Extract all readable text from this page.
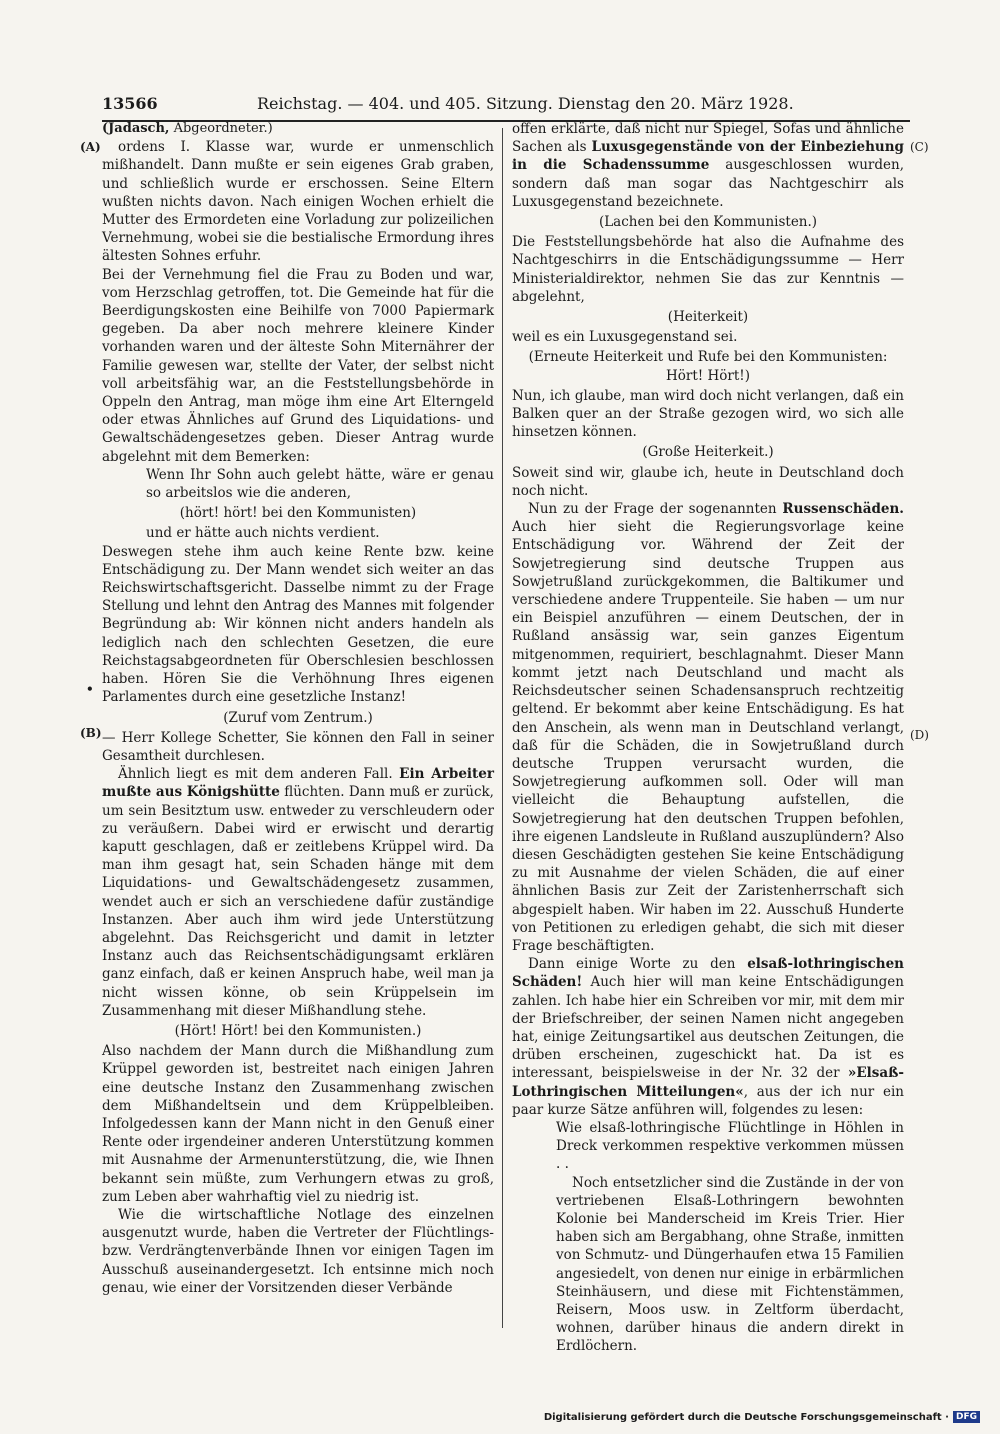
13566	Reichstag. — 404. und 405. Sitzung. Dienstag den 20. März 1928.
(A)
(B)
•
(C)
(D)
(Jadasch, Abgeordneter.)

ordens I. Klasse war, wurde er unmenschlich mißhandelt. Dann mußte er sein eigenes Grab graben, und schließlich wurde er erschossen. Seine Eltern wußten nichts davon. Nach einigen Wochen erhielt die Mutter des Ermordeten eine Vorladung zur polizeilichen Vernehmung, wobei sie die bestialische Ermordung ihres ältesten Sohnes erfuhr.

Bei der Vernehmung fiel die Frau zu Boden und war, vom Herzschlag getroffen, tot. Die Gemeinde hat für die Beerdigungskosten eine Beihilfe von 7000 Papiermark gegeben. Da aber noch mehrere kleinere Kinder vorhanden waren und der älteste Sohn Miternährer der Familie gewesen war, stellte der Vater, der selbst nicht voll arbeitsfähig war, an die Feststellungsbehörde in Oppeln den Antrag, man möge ihm eine Art Elterngeld oder etwas Ähnliches auf Grund des Liquidations- und Gewaltschädengesetzes geben. Dieser Antrag wurde abgelehnt mit dem Bemerken:

Wenn Ihr Sohn auch gelebt hätte, wäre er genau so arbeitslos wie die anderen,

(hört! hört! bei den Kommunisten)

und er hätte auch nichts verdient.

Deswegen stehe ihm auch keine Rente bzw. keine Entschädigung zu. Der Mann wendet sich weiter an das Reichswirtschaftsgericht. Dasselbe nimmt zu der Frage Stellung und lehnt den Antrag des Mannes mit folgender Begründung ab: Wir können nicht anders handeln als lediglich nach den schlechten Gesetzen, die eure Reichstagsabgeordneten für Oberschlesien beschlossen haben. Hören Sie die Verhöhnung Ihres eigenen Parlamentes durch eine gesetzliche Instanz!

(Zuruf vom Zentrum.)

— Herr Kollege Schetter, Sie können den Fall in seiner Gesamtheit durchlesen.

Ähnlich liegt es mit dem anderen Fall. Ein Arbeiter mußte aus Königshütte flüchten. Dann muß er zurück, um sein Besitztum usw. entweder zu verschleudern oder zu veräußern. Dabei wird er erwischt und derartig kaputt geschlagen, daß er zeitlebens Krüppel wird. Da man ihm gesagt hat, sein Schaden hänge mit dem Liquidations- und Gewaltschädengesetz zusammen, wendet auch er sich an verschiedene dafür zuständige Instanzen. Aber auch ihm wird jede Unterstützung abgelehnt. Das Reichsgericht und damit in letzter Instanz auch das Reichsentschädigungsamt erklären ganz einfach, daß er keinen Anspruch habe, weil man ja nicht wissen könne, ob sein Krüppelsein im Zusammenhang mit dieser Mißhandlung stehe.

(Hört! Hört! bei den Kommunisten.)

Also nachdem der Mann durch die Mißhandlung zum Krüppel geworden ist, bestreitet nach einigen Jahren eine deutsche Instanz den Zusammenhang zwischen dem Mißhandeltsein und dem Krüppelbleiben. Infolgedessen kann der Mann nicht in den Genuß einer Rente oder irgendeiner anderen Unterstützung kommen mit Ausnahme der Armenunterstützung, die, wie Ihnen bekannt sein müßte, zum Verhungern etwas zu groß, zum Leben aber wahrhaftig viel zu niedrig ist.

Wie die wirtschaftliche Notlage des einzelnen ausgenutzt wurde, haben die Vertreter der Flüchtlings- bzw. Verdrängtenverbände Ihnen vor einigen Tagen im Ausschuß auseinandergesetzt. Ich entsinne mich noch genau, wie einer der Vorsitzenden dieser Verbände

offen erklärte, daß nicht nur Spiegel, Sofas und ähnliche Sachen als Luxusgegenstände von der Einbeziehung in die Schadenssumme ausgeschlossen wurden, sondern daß man sogar das Nachtgeschirr als Luxusgegenstand bezeichnete.

(Lachen bei den Kommunisten.)

Die Feststellungsbehörde hat also die Aufnahme des Nachtgeschirrs in die Entschädigungssumme — Herr Ministerialdirektor, nehmen Sie das zur Kenntnis — abgelehnt,

(Heiterkeit)

weil es ein Luxusgegenstand sei.

(Erneute Heiterkeit und Rufe bei den Kommunisten: Hört! Hört!)

Nun, ich glaube, man wird doch nicht verlangen, daß ein Balken quer an der Straße gezogen wird, wo sich alle hinsetzen können.

(Große Heiterkeit.)

Soweit sind wir, glaube ich, heute in Deutschland doch noch nicht.

Nun zu der Frage der sogenannten Russenschäden. Auch hier sieht die Regierungsvorlage keine Entschädigung vor. Während der Zeit der Sowjetregierung sind deutsche Truppen aus Sowjetrußland zurückgekommen, die Baltikumer und verschiedene andere Truppenteile. Sie haben — um nur ein Beispiel anzuführen — einem Deutschen, der in Rußland ansässig war, sein ganzes Eigentum mitgenommen, requiriert, beschlagnahmt. Dieser Mann kommt jetzt nach Deutschland und macht als Reichsdeutscher seinen Schadensanspruch rechtzeitig geltend. Er bekommt aber keine Entschädigung. Es hat den Anschein, als wenn man in Deutschland verlangt, daß für die Schäden, die in Sowjetrußland durch deutsche Truppen verursacht wurden, die Sowjetregierung aufkommen soll. Oder will man vielleicht die Behauptung aufstellen, die Sowjetregierung hat den deutschen Truppen befohlen, ihre eigenen Landsleute in Rußland auszuplündern? Also diesen Geschädigten gestehen Sie keine Entschädigung zu mit Ausnahme der vielen Schäden, die auf einer ähnlichen Basis zur Zeit der Zaristenherrschaft sich abgespielt haben. Wir haben im 22. Ausschuß Hunderte von Petitionen zu erledigen gehabt, die sich mit dieser Frage beschäftigten.

Dann einige Worte zu den elsaß-lothringischen Schäden! Auch hier will man keine Entschädigungen zahlen. Ich habe hier ein Schreiben vor mir, mit dem mir der Briefschreiber, der seinen Namen nicht angegeben hat, einige Zeitungsartikel aus deutschen Zeitungen, die drüben erscheinen, zugeschickt hat. Da ist es interessant, beispielsweise in der Nr. 32 der »Elsaß-Lothringischen Mitteilungen«, aus der ich nur ein paar kurze Sätze anführen will, folgendes zu lesen:

Wie elsaß-lothringische Flüchtlinge in Höhlen in Dreck verkommen respektive verkommen müssen . .

Noch entsetzlicher sind die Zustände in der von vertriebenen Elsaß-Lothringern bewohnten Kolonie bei Manderscheid im Kreis Trier. Hier haben sich am Bergabhang, ohne Straße, inmitten von Schmutz- und Düngerhaufen etwa 15 Familien angesiedelt, von denen nur einige in erbärmlichen Steinhäusern, und diese mit Fichtenstämmen, Reisern, Moos usw. in Zeltform überdacht, wohnen, darüber hinaus die andern direkt in Erdlöchern.

Digitalisierung gefördert durch die Deutsche Forschungsgemeinschaft · DFG
